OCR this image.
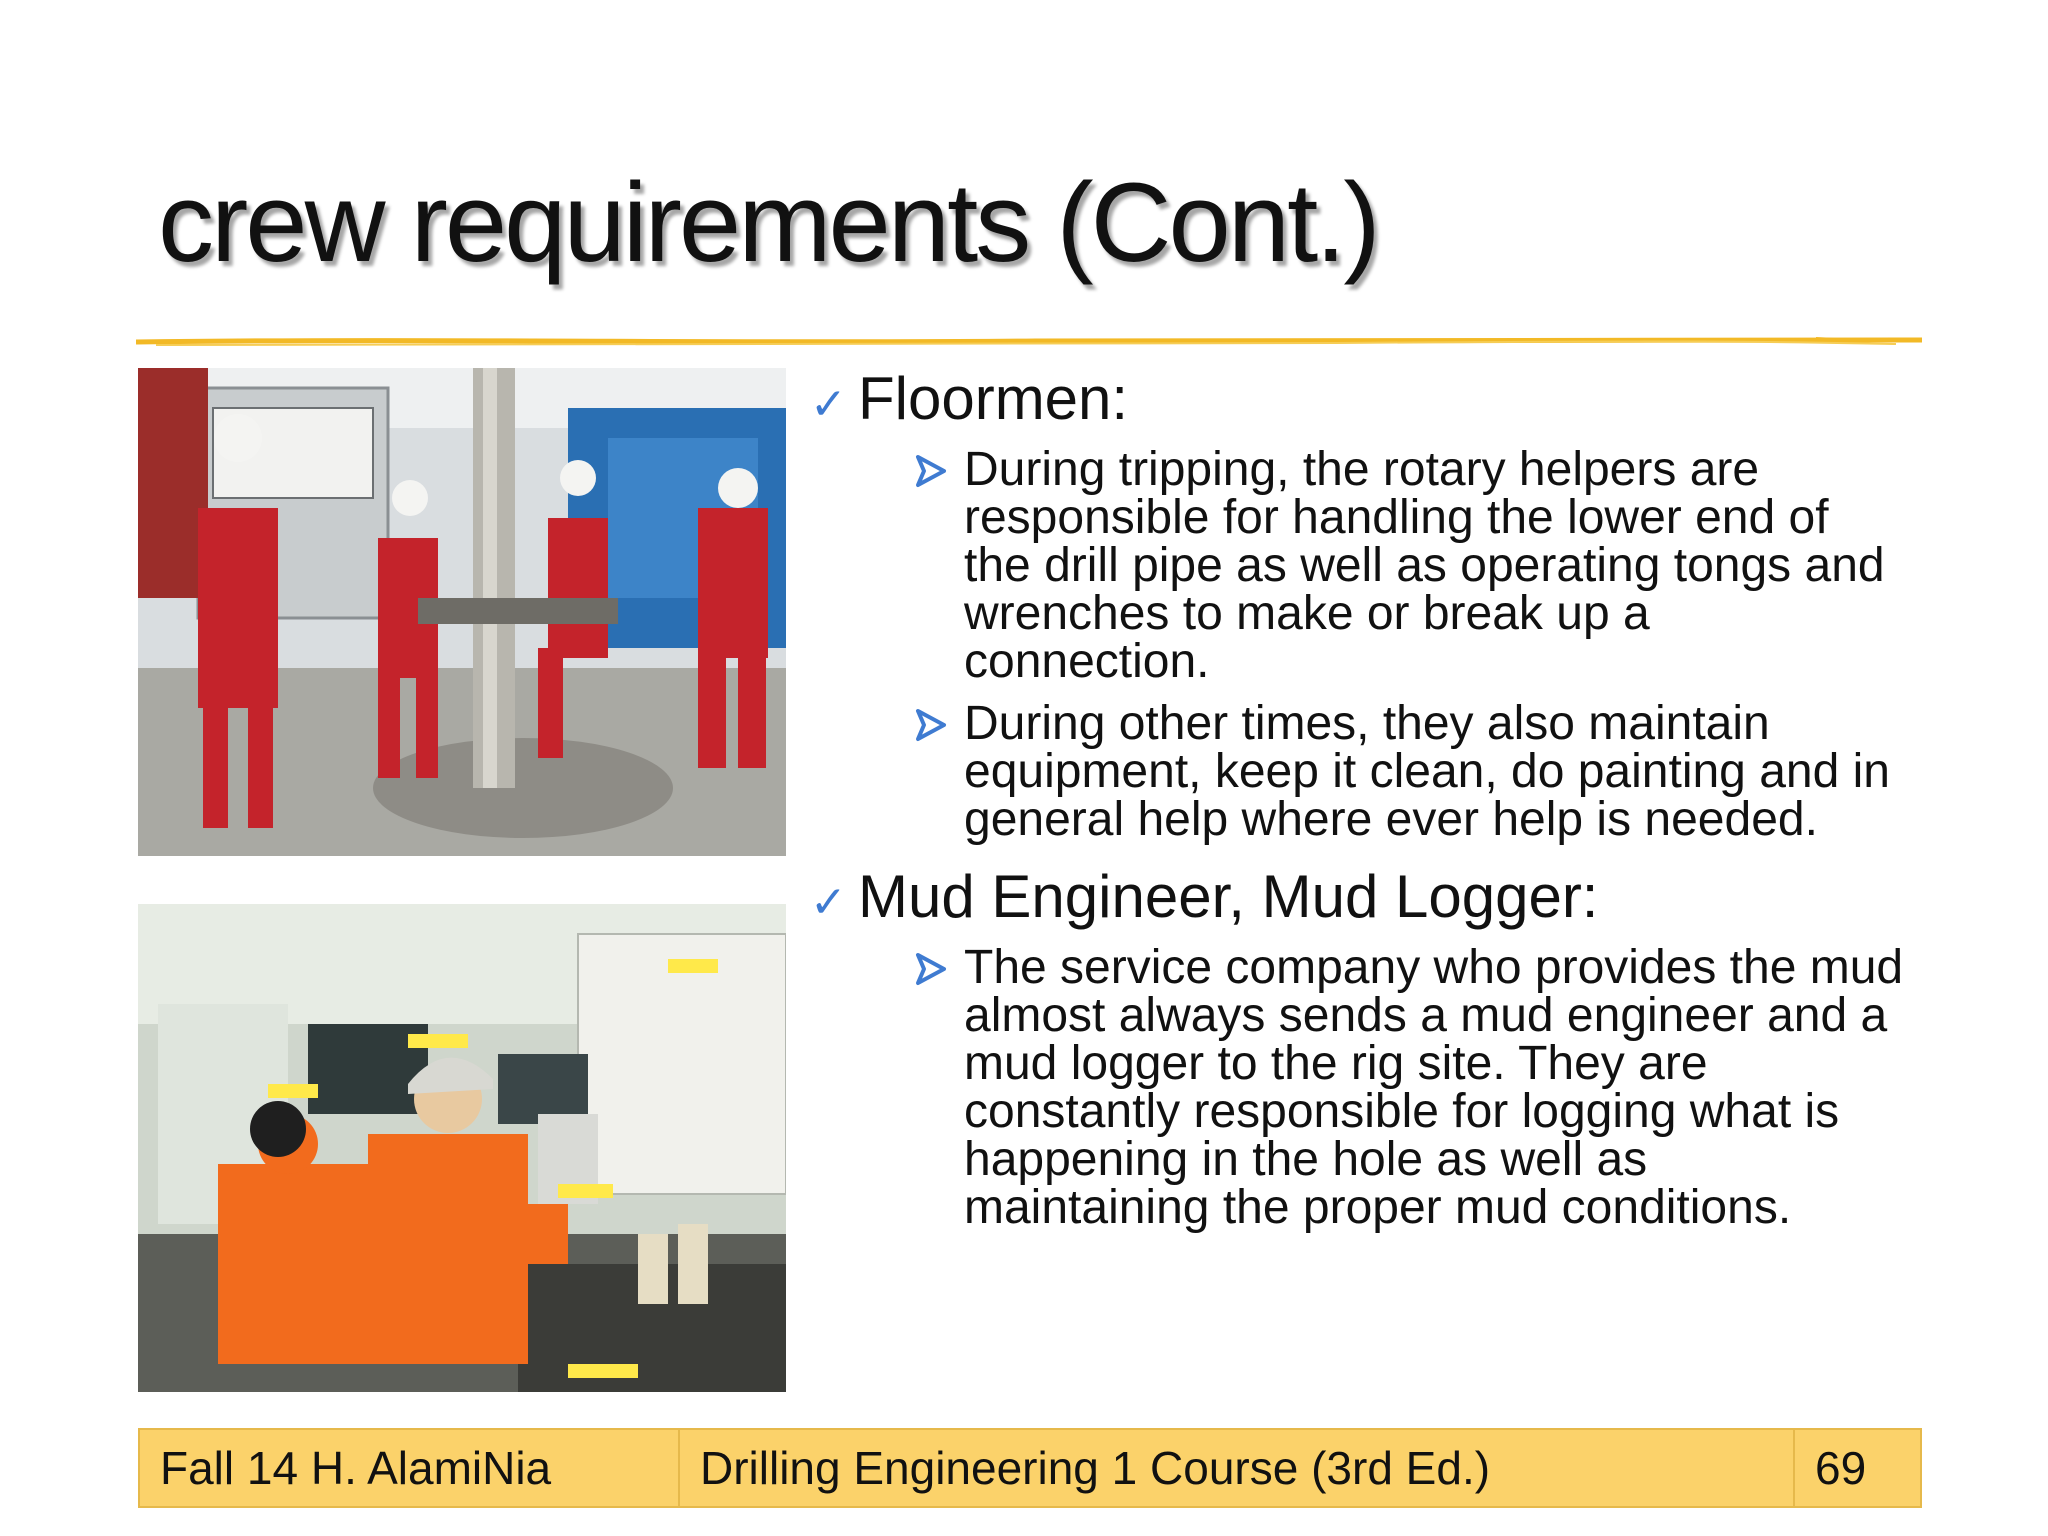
crew requirements (Cont.)
✓ Floormen:
During tripping, the rotary helpers are responsible for handling the lower end of the drill pipe as well as operating tongs and wrenches to make or break up a connection.
During other times, they also maintain equipment, keep it clean, do painting and in general help where ever help is needed.
✓ Mud Engineer, Mud Logger:
The service company who provides the mud almost always sends a mud engineer and a mud logger to the rig site. They are constantly responsible for logging what is happening in the hole as well as maintaining the proper mud conditions.
Fall 14 H. AlamiNia	Drilling Engineering 1 Course (3rd Ed.)	69
